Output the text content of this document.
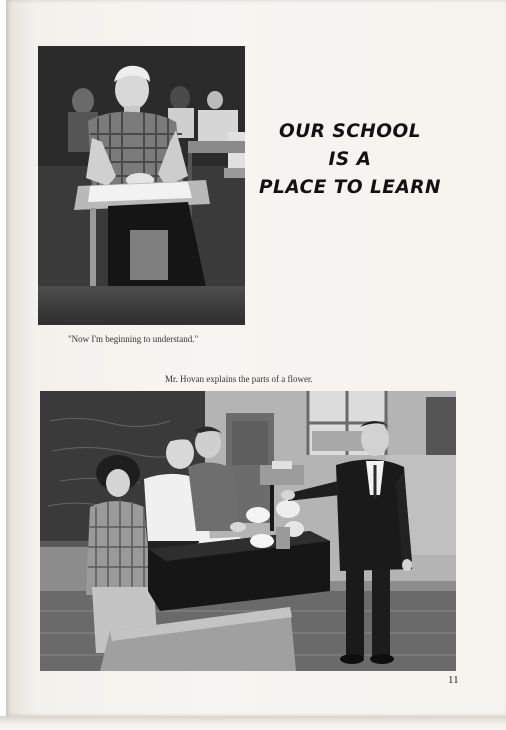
OUR SCHOOL
IS A
PLACE TO LEARN
"Now I'm beginning to understand."
Mr. Hovan explains the parts of a flower.
11
